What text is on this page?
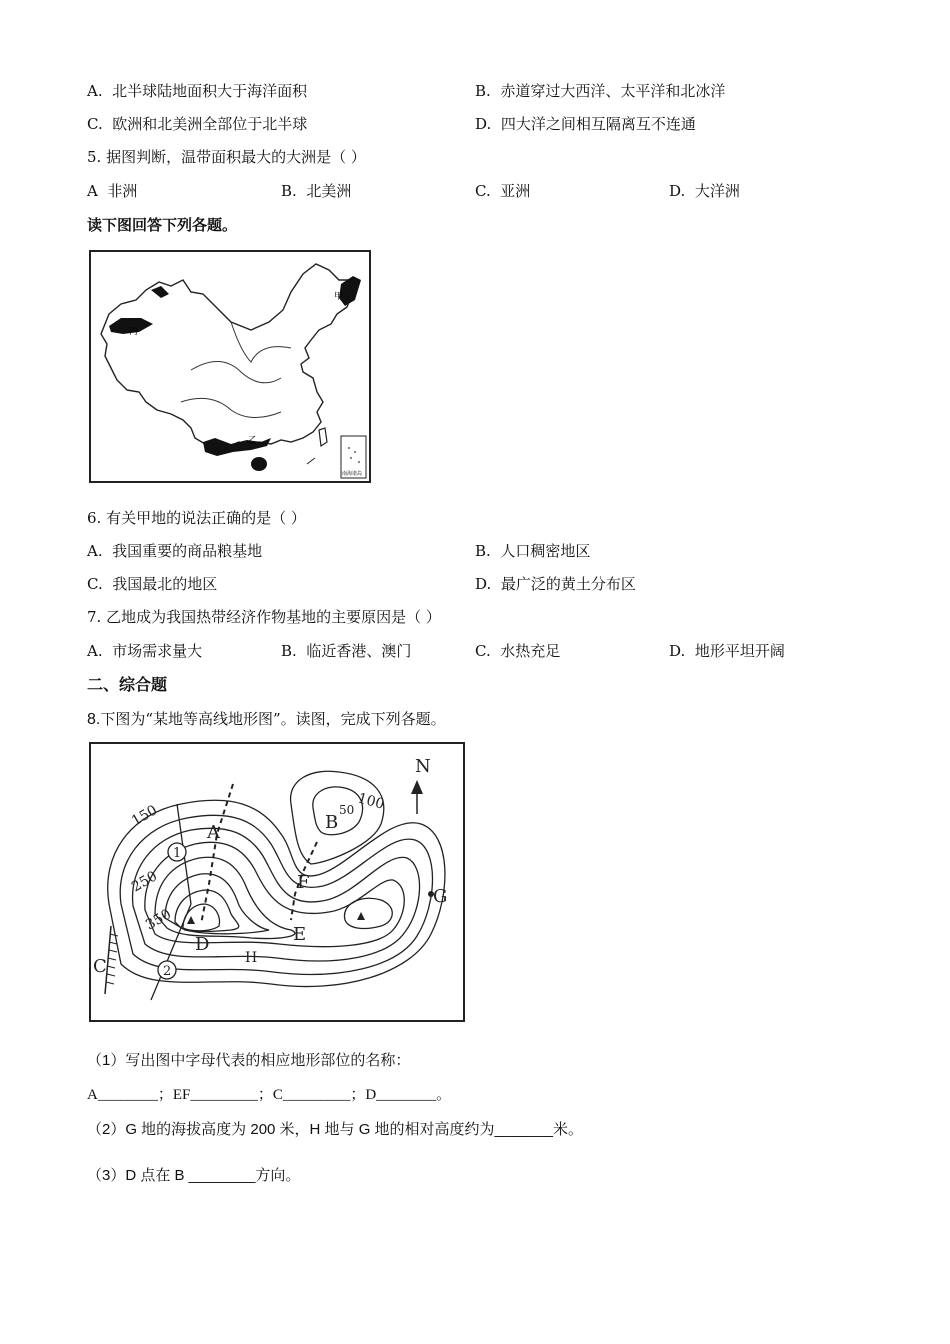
A. 北半球陆地面积大于海洋面积	B. 赤道穿过大西洋、太平洋和北冰洋
C. 欧洲和北美洲全部位于北半球	D. 四大洋之间相互隔离互不连通
5. 据图判断，温带面积最大的大洲是（ ）
A 非洲	B. 北美洲	C. 亚洲	D. 大洋洲
读下图回答下列各题。
甲
丙
乙
南海诸岛
6. 有关甲地的说法正确的是（ ）
A. 我国重要的商品粮基地	B. 人口稠密地区
C. 我国最北的地区	D. 最广泛的黄土分布区
7. 乙地成为我国热带经济作物基地的主要原因是（ ）
A. 市场需求量大	B. 临近香港、澳门	C. 水热充足	D. 地形平坦开阔
二、综合题
8.下图为“某地等高线地形图”。读图，完成下列各题。
N
150
250
350
100
50
A	B
C
D	E
F
G
H
1
2
（1）写出图中字母代表的相应地形部位的名称：
A________；EF_________；C_________；D________。
（2）G 地的海拔高度为 200 米，H 地与 G 地的相对高度约为_______米。
（3）D 点在 B ________方向。
